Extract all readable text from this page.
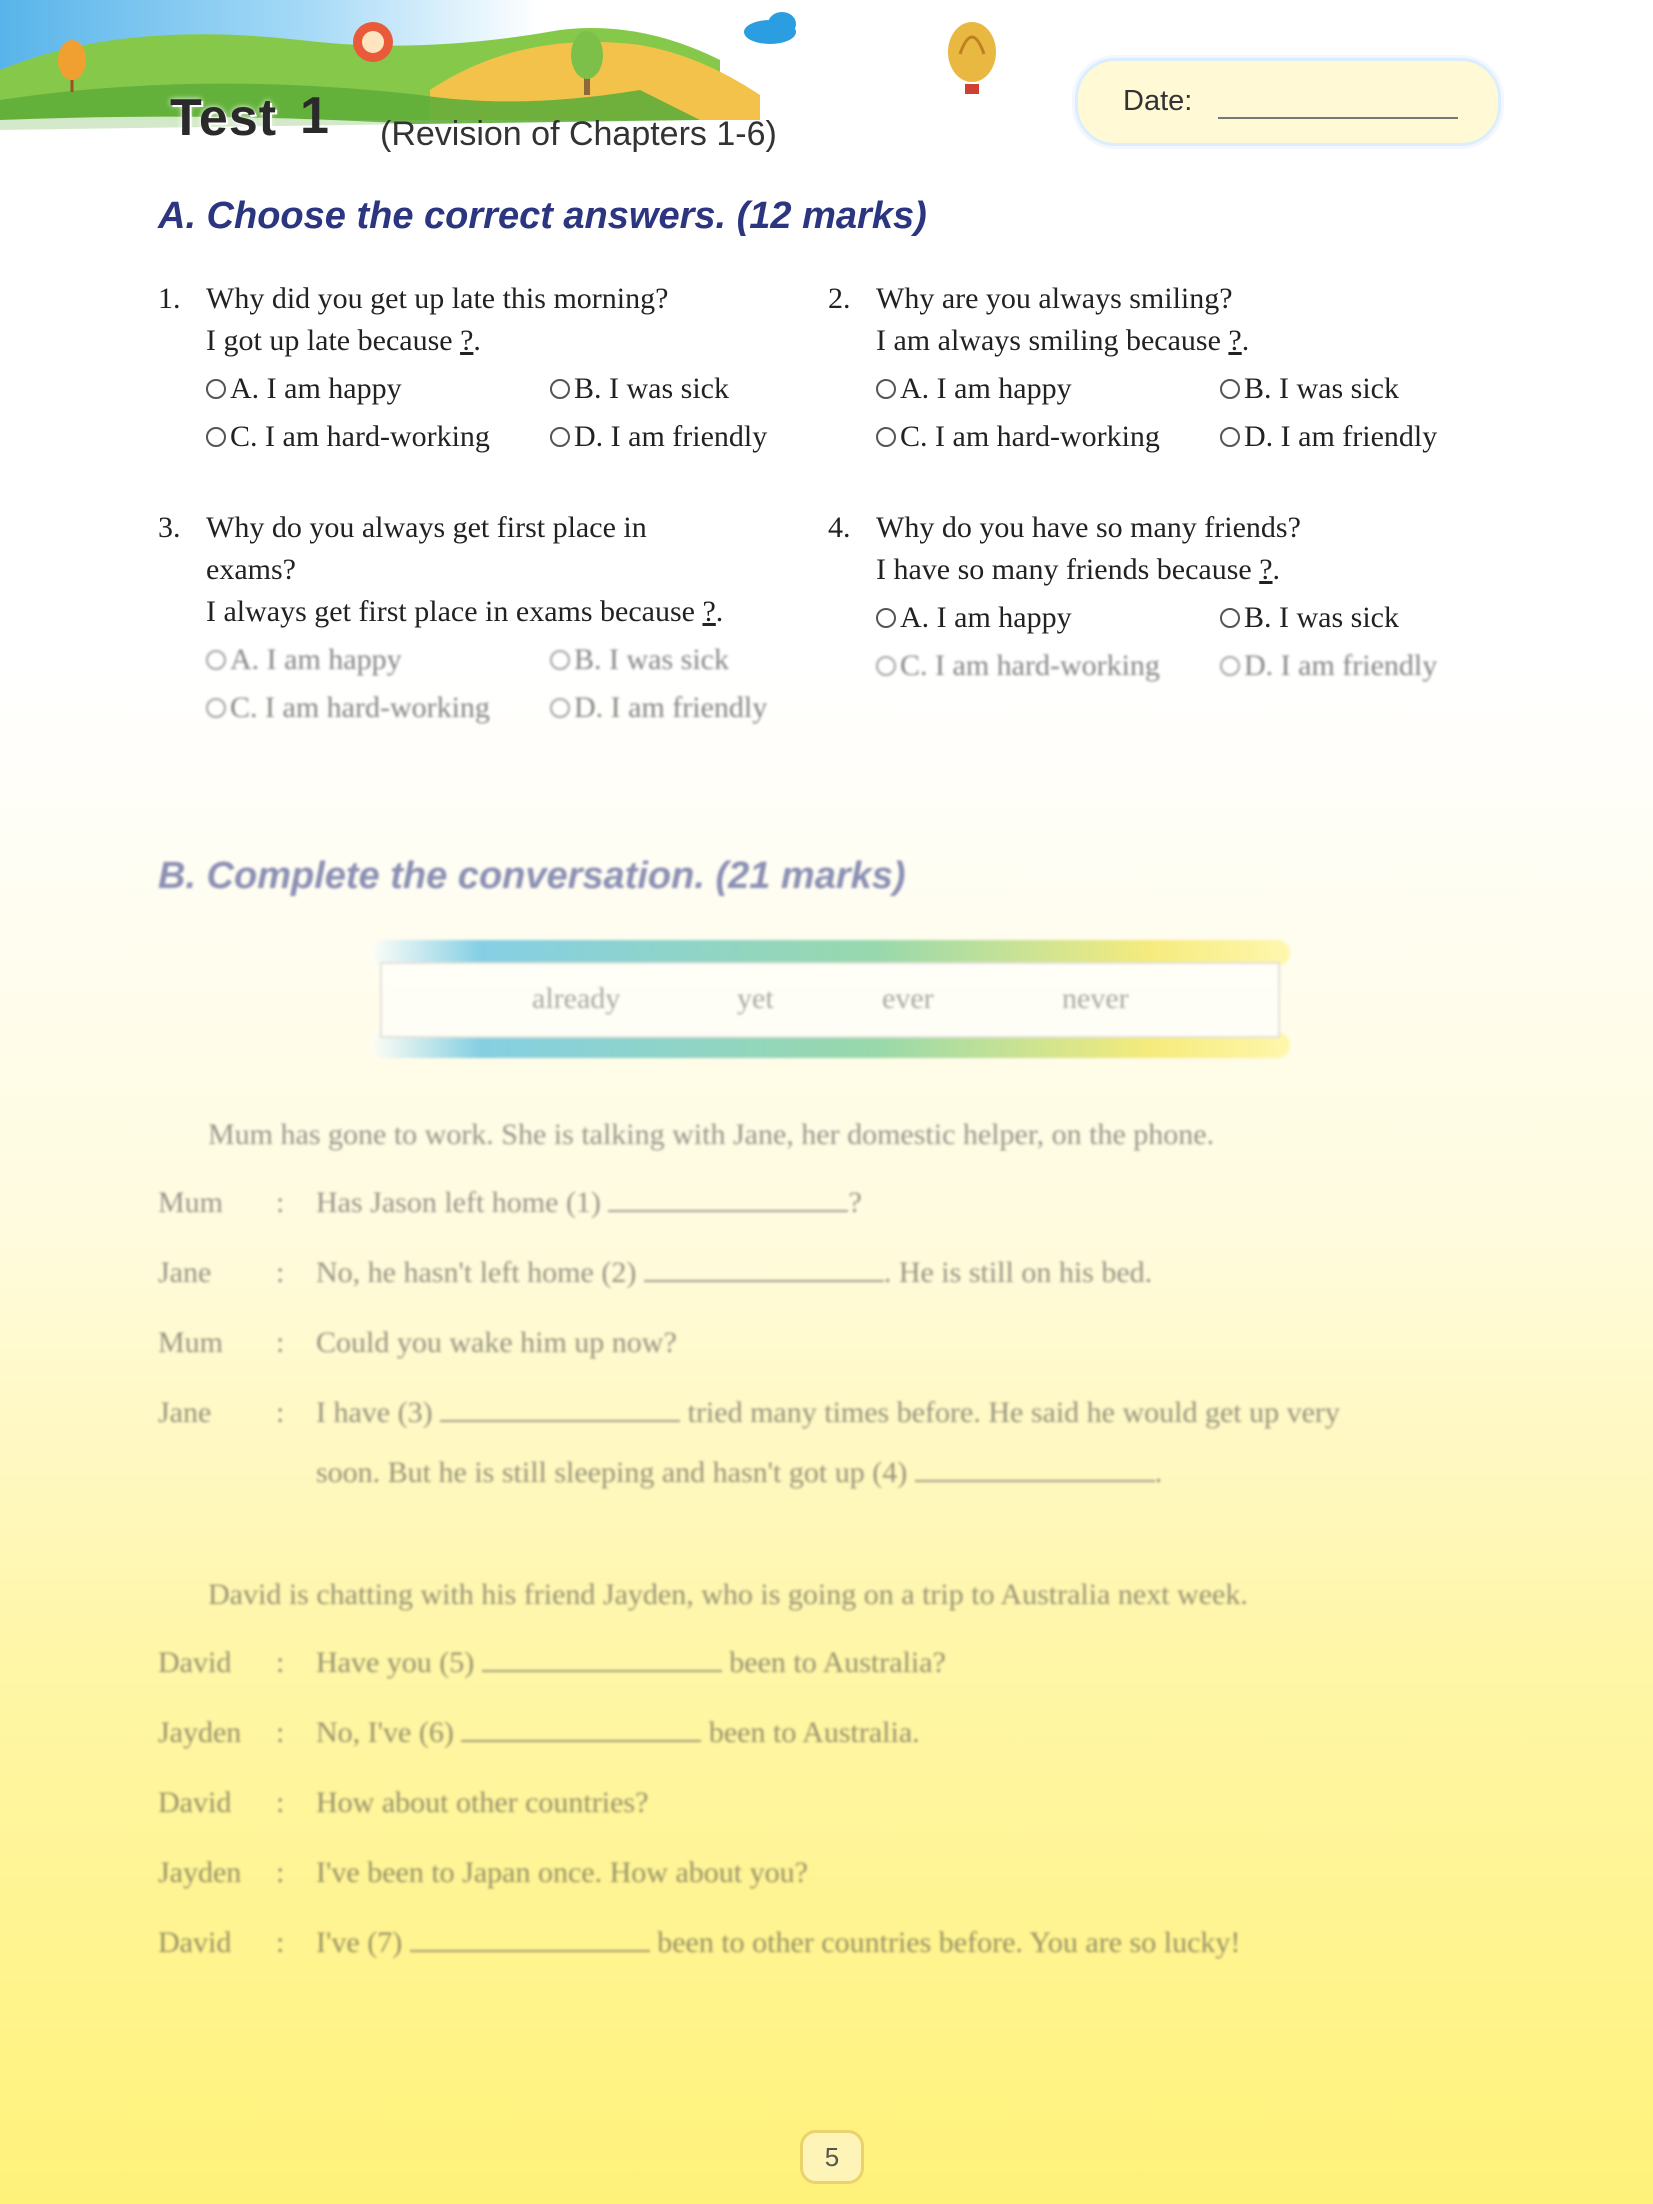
Test 1 (Revision of Chapters 1-6)
Date:
A. Choose the correct answers. (12 marks)
1. Why did you get up late this morning?
I got up late because ?.
A. I am happy	B. I was sick
C. I am hard-working	D. I am friendly
2. Why are you always smiling?
I am always smiling because ?.
A. I am happy	B. I was sick
C. I am hard-working	D. I am friendly
3. Why do you always get first place in
exams?
I always get first place in exams because ?.
A. I am happy	B. I was sick
C. I am hard-working	D. I am friendly
4. Why do you have so many friends?
I have so many friends because ?.
A. I am happy	B. I was sick
C. I am hard-working	D. I am friendly
B. Complete the conversation. (21 marks)
already	yet	ever	never
Mum has gone to work. She is talking with Jane, her domestic helper, on the phone.
Mum : Has Jason left home (1)	?
Jane : No, he hasn't left home (2)	. He is still on his bed.
Mum : Could you wake him up now?
Jane : I have (3)	tried many times before. He said he would get up very
soon. But he is still sleeping and hasn't got up (4)	.
David is chatting with his friend Jayden, who is going on a trip to Australia next week.
David : Have you (5)	been to Australia?
Jayden : No, I've (6)	been to Australia.
David : How about other countries?
Jayden : I've been to Japan once. How about you?
David : I've (7)	been to other countries before. You are so lucky!
5
